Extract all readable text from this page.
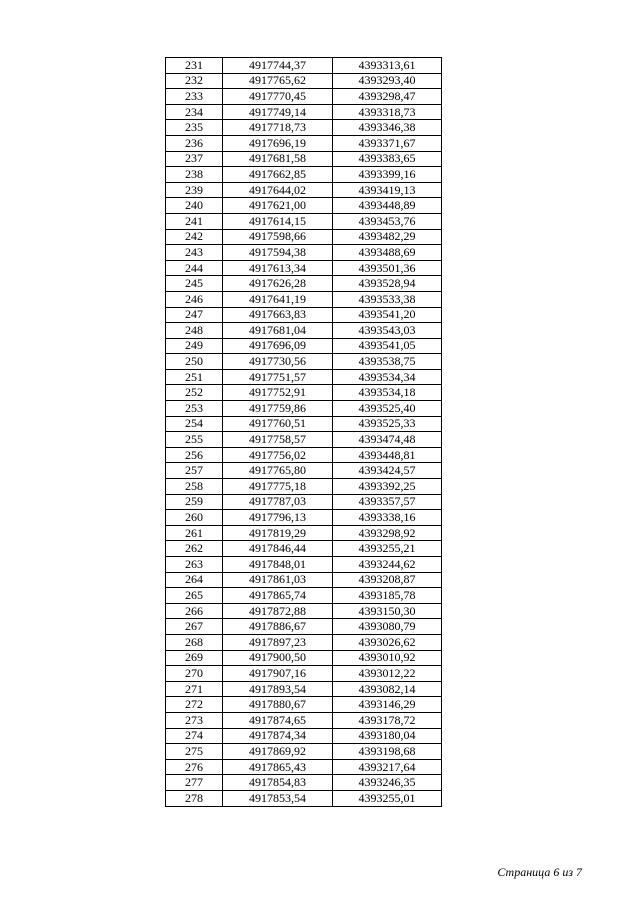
231	4917744,37	4393313,61
232	4917765,62	4393293,40
233	4917770,45	4393298,47
234	4917749,14	4393318,73
235	4917718,73	4393346,38
236	4917696,19	4393371,67
237	4917681,58	4393383,65
238	4917662,85	4393399,16
239	4917644,02	4393419,13
240	4917621,00	4393448,89
241	4917614,15	4393453,76
242	4917598,66	4393482,29
243	4917594,38	4393488,69
244	4917613,34	4393501,36
245	4917626,28	4393528,94
246	4917641,19	4393533,38
247	4917663,83	4393541,20
248	4917681,04	4393543,03
249	4917696,09	4393541,05
250	4917730,56	4393538,75
251	4917751,57	4393534,34
252	4917752,91	4393534,18
253	4917759,86	4393525,40
254	4917760,51	4393525,33
255	4917758,57	4393474,48
256	4917756,02	4393448,81
257	4917765,80	4393424,57
258	4917775,18	4393392,25
259	4917787,03	4393357,57
260	4917796,13	4393338,16
261	4917819,29	4393298,92
262	4917846,44	4393255,21
263	4917848,01	4393244,62
264	4917861,03	4393208,87
265	4917865,74	4393185,78
266	4917872,88	4393150,30
267	4917886,67	4393080,79
268	4917897,23	4393026,62
269	4917900,50	4393010,92
270	4917907,16	4393012,22
271	4917893,54	4393082,14
272	4917880,67	4393146,29
273	4917874,65	4393178,72
274	4917874,34	4393180,04
275	4917869,92	4393198,68
276	4917865,43	4393217,64
277	4917854,83	4393246,35
278	4917853,54	4393255,01
Страница 6 из 7
